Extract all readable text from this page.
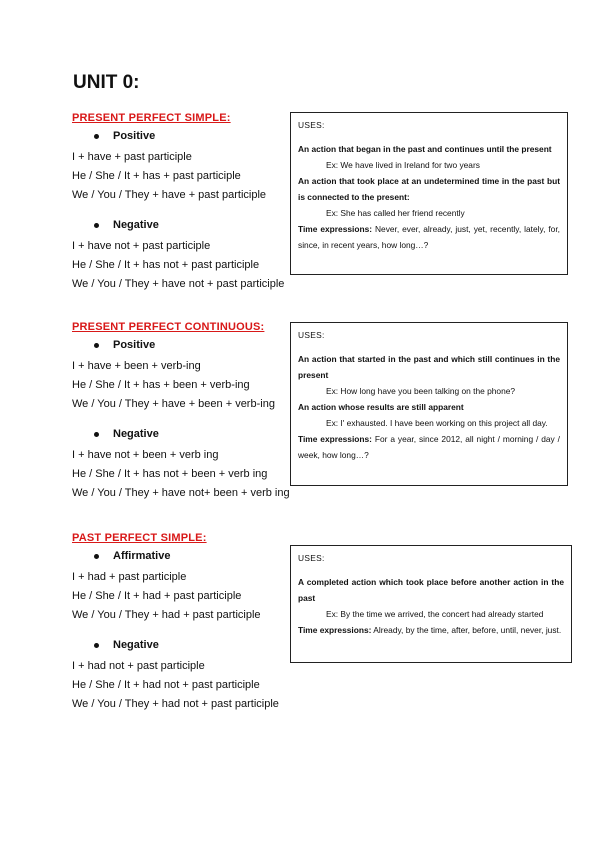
UNIT 0:
PRESENT PERFECT SIMPLE:
Positive
I + have + past participle
He / She / It + has + past participle
We / You / They + have + past participle
Negative
I + have not + past participle
He / She / It + has not + past participle
We / You / They + have not + past participle
USES:
An action that began in the past and continues until the present
Ex: We have lived in Ireland for two years
An action that took place at an undetermined time in the past but is connected to the present:
Ex: She has called her friend recently
Time expressions: Never, ever, already, just, yet, recently, lately, for, since, in recent years, how long…?
PRESENT PERFECT CONTINUOUS:
Positive
I + have + been + verb-ing
He / She / It + has + been + verb-ing
We / You / They + have + been + verb-ing
Negative
I + have not + been + verb ing
He / She / It + has not + been + verb ing
We / You / They + have not+ been + verb ing
USES:
An action that started in the past and which still continues in the present
Ex: How long have you been talking on the phone?
An action whose results are still apparent
Ex: I' exhausted. I have been working on this project all day.
Time expressions: For a year, since 2012, all night / morning / day / week, how long…?
PAST PERFECT SIMPLE:
Affirmative
I + had + past participle
He / She / It + had + past participle
We / You / They + had + past participle
Negative
I + had not + past participle
He / She / It + had not + past participle
We / You / They + had not + past participle
USES:
A completed action which took place before another action in the past
Ex: By the time we arrived, the concert had already started
Time expressions: Already, by the time, after, before, until, never, just.
